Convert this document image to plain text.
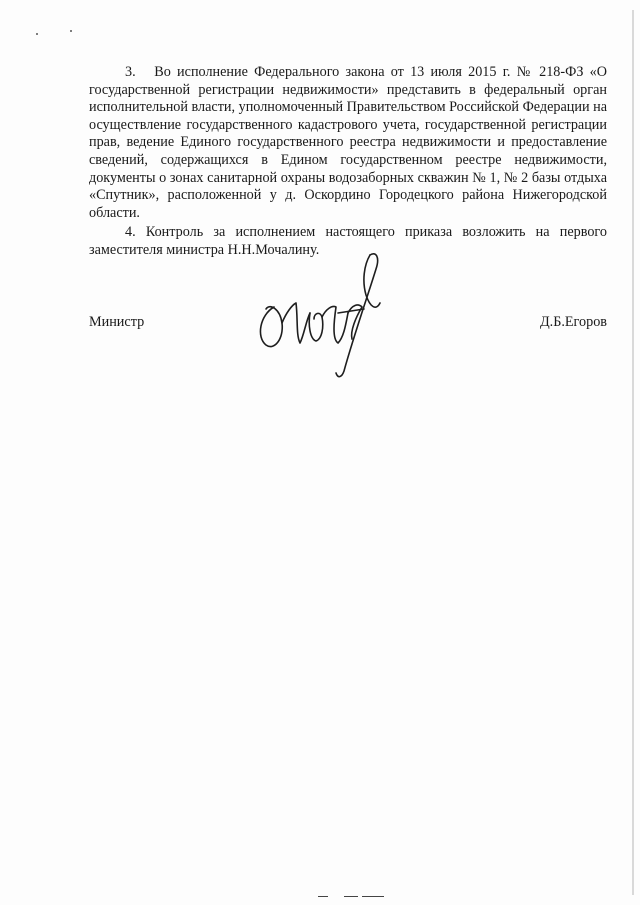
3.   Во исполнение Федерального закона от 13 июля 2015 г. № 218-ФЗ «О государственной регистрации недвижимости» представить в федеральный орган исполнительной власти, уполномоченный Правительством Российской Федерации на осуществление государственного кадастрового учета, государственной регистрации прав, ведение Единого государственного реестра недвижимости и предоставление сведений, содержащихся в Едином государственном реестре недвижимости, документы о зонах санитарной охраны водозаборных скважин № 1, № 2 базы отдыха «Спутник», расположенной у д. Оскордино Городецкого района Нижегородской области.

4. Контроль за исполнением настоящего приказа возложить на первого заместителя министра Н.Н.Мочалину.

Министр	Д.Б.Егоров
